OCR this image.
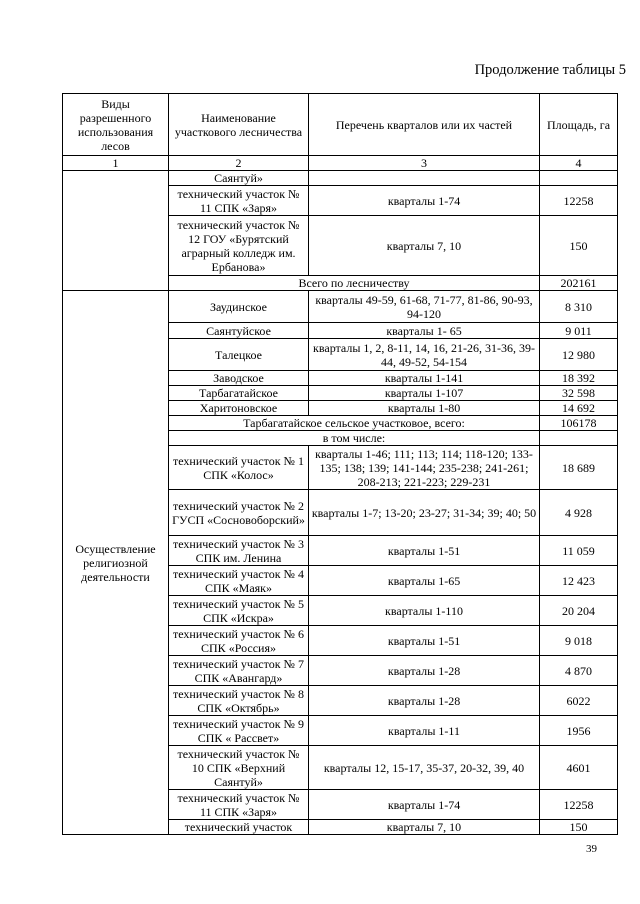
Продолжение таблицы 5
Виды разрешенного использования лесов	Наименование участкового лесничества	Перечень кварталов или их частей	Площадь, га
1	2	3	4
	Саянтуй»		
	технический участок № 11 СПК «Заря»	кварталы 1-74	12258
	технический участок № 12 ГОУ «Бурятский аграрный колледж им. Ербанова»	кварталы 7, 10	150
	Всего по лесничеству		202161
Осуществление религиозной деятельности	Заудинское	кварталы 49-59, 61-68, 71-77, 81-86, 90-93, 94-120	8 310
	Саянтуйское	кварталы 1- 65	9 011
	Талецкое	кварталы 1, 2, 8-11, 14, 16, 21-26, 31-36, 39-44, 49-52, 54-154	12 980
	Заводское	кварталы 1-141	18 392
	Тарбагатайское	кварталы 1-107	32 598
	Харитоновское	кварталы 1-80	14 692
	Тарбагатайское сельское участковое, всего:		106178
	в том числе:		
	технический участок № 1 СПК «Колос»	кварталы 1-46; 111; 113; 114; 118-120; 133-135; 138; 139; 141-144; 235-238; 241-261; 208-213; 221-223; 229-231	18 689
	технический участок № 2 ГУСП «Сосновоборский»	кварталы 1-7; 13-20; 23-27; 31-34; 39; 40; 50	4 928
	технический участок № 3 СПК им. Ленина	кварталы 1-51	11 059
	технический участок № 4 СПК «Маяк»	кварталы 1-65	12 423
	технический участок № 5 СПК «Искра»	кварталы 1-110	20 204
	технический участок № 6 СПК «Россия»	кварталы 1-51	9 018
	технический участок № 7 СПК «Авангард»	кварталы 1-28	4 870
	технический участок № 8 СПК «Октябрь»	кварталы 1-28	6022
	технический участок № 9 СПК « Рассвет»	кварталы 1-11	1956
	технический участок № 10 СПК «Верхний Саянтуй»	кварталы 12, 15-17, 35-37, 20-32, 39, 40	4601
	технический участок № 11 СПК «Заря»	кварталы 1-74	12258
	технический участок	кварталы 7, 10	150
39
